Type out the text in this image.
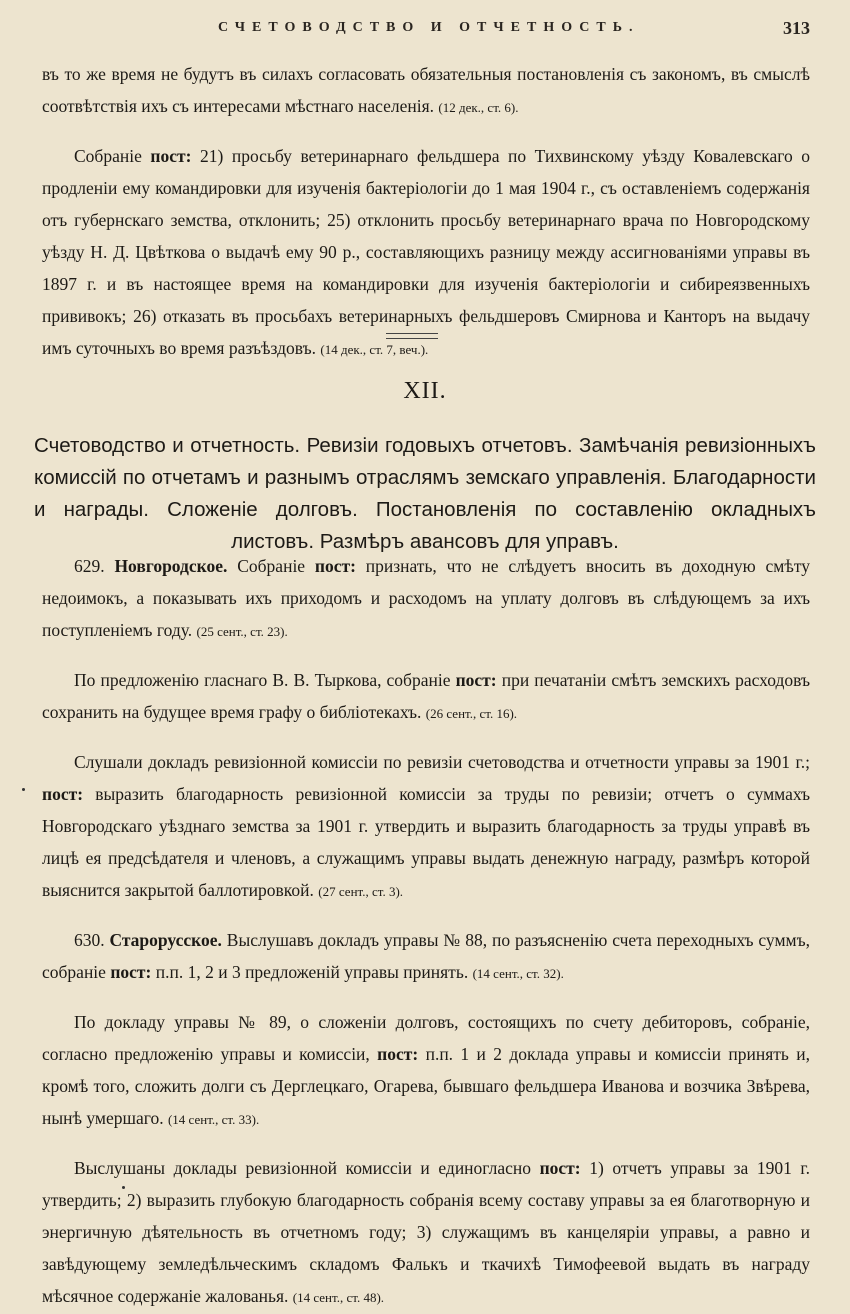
СЧЕТОВОДСТВО И ОТЧЕТНОСТЬ.	313

въ то же время не будутъ въ силахъ согласовать обязательныя постановленія съ закономъ, въ смыслѣ соотвѣтствія ихъ съ интересами мѣстнаго населенія. (12 дек., ст. 6).

Собраніе пост: 21) просьбу ветеринарнаго фельдшера по Тихвинскому уѣзду Ковалевскаго о продленіи ему командировки для изученія бактеріологіи до 1 мая 1904 г., съ оставленіемъ содержанія отъ губернскаго земства, отклонить; 25) отклонить просьбу ветеринарнаго врача по Новгородскому уѣзду Н. Д. Цвѣткова о выдачѣ ему 90 р., составляющихъ разницу между ассигнованіями управы въ 1897 г. и въ настоящее время на командировки для изученія бактеріологіи и сибиреязвенныхъ прививокъ; 26) отказать въ просьбахъ ветеринарныхъ фельдшеровъ Смирнова и Канторъ на выдачу имъ суточныхъ во время разъѣздовъ. (14 дек., ст. 7, веч.).

XII.
Счетоводство и отчетность. Ревизіи годовыхъ отчетовъ. Замѣчанія ревизіонныхъ комиссій по отчетамъ и разнымъ отраслямъ земскаго управленія. Благодарности и награды. Сложеніе долговъ. Постановленія по составленію окладныхъ листовъ. Размѣръ авансовъ для управъ.

629. Новгородское. Собраніе пост: признать, что не слѣдуетъ вносить въ доходную смѣту недоимокъ, а показывать ихъ приходомъ и расходомъ на уплату долговъ въ слѣдующемъ за ихъ поступленіемъ году. (25 сент., ст. 23).

По предложенію гласнаго В. В. Тыркова, собраніе пост: при печатаніи смѣтъ земскихъ расходовъ сохранить на будущее время графу о библіотекахъ. (26 сент., ст. 16).

Слушали докладъ ревизіонной комиссіи по ревизіи счетоводства и отчетности управы за 1901 г.; пост: выразить благодарность ревизіонной комиссіи за труды по ревизіи; отчетъ о суммахъ Новгородскаго уѣзднаго земства за 1901 г. утвердить и выразить благодарность за труды управѣ въ лицѣ ея предсѣдателя и членовъ, а служащимъ управы выдать денежную награду, размѣръ которой выяснится закрытой баллотировкой. (27 сент., ст. 3).

630. Старорусское. Выслушавъ докладъ управы № 88, по разъясненію счета переходныхъ суммъ, собраніе пост: п.п. 1, 2 и 3 предложеній управы принять. (14 сент., ст. 32).

По докладу управы № 89, о сложеніи долговъ, состоящихъ по счету дебиторовъ, собраніе, согласно предложенію управы и комиссіи, пост: п.п. 1 и 2 доклада управы и комиссіи принять и, кромѣ того, сложить долги съ Дерглецкаго, Огарева, бывшаго фельдшера Иванова и возчика Звѣрева, нынѣ умершаго. (14 сент., ст. 33).

Выслушаны доклады ревизіонной комиссіи и единогласно пост: 1) отчетъ управы за 1901 г. утвердить; 2) выразить глубокую благодарность собранія всему составу управы за ея благотворную и энергичную дѣятельность въ отчетномъ году; 3) служащимъ въ канцеляріи управы, а равно и завѣдующему земледѣльческимъ складомъ Фалькъ и ткачихѣ Тимофеевой выдать въ награду мѣсячное содержаніе жалованья. (14 сент., ст. 48).
